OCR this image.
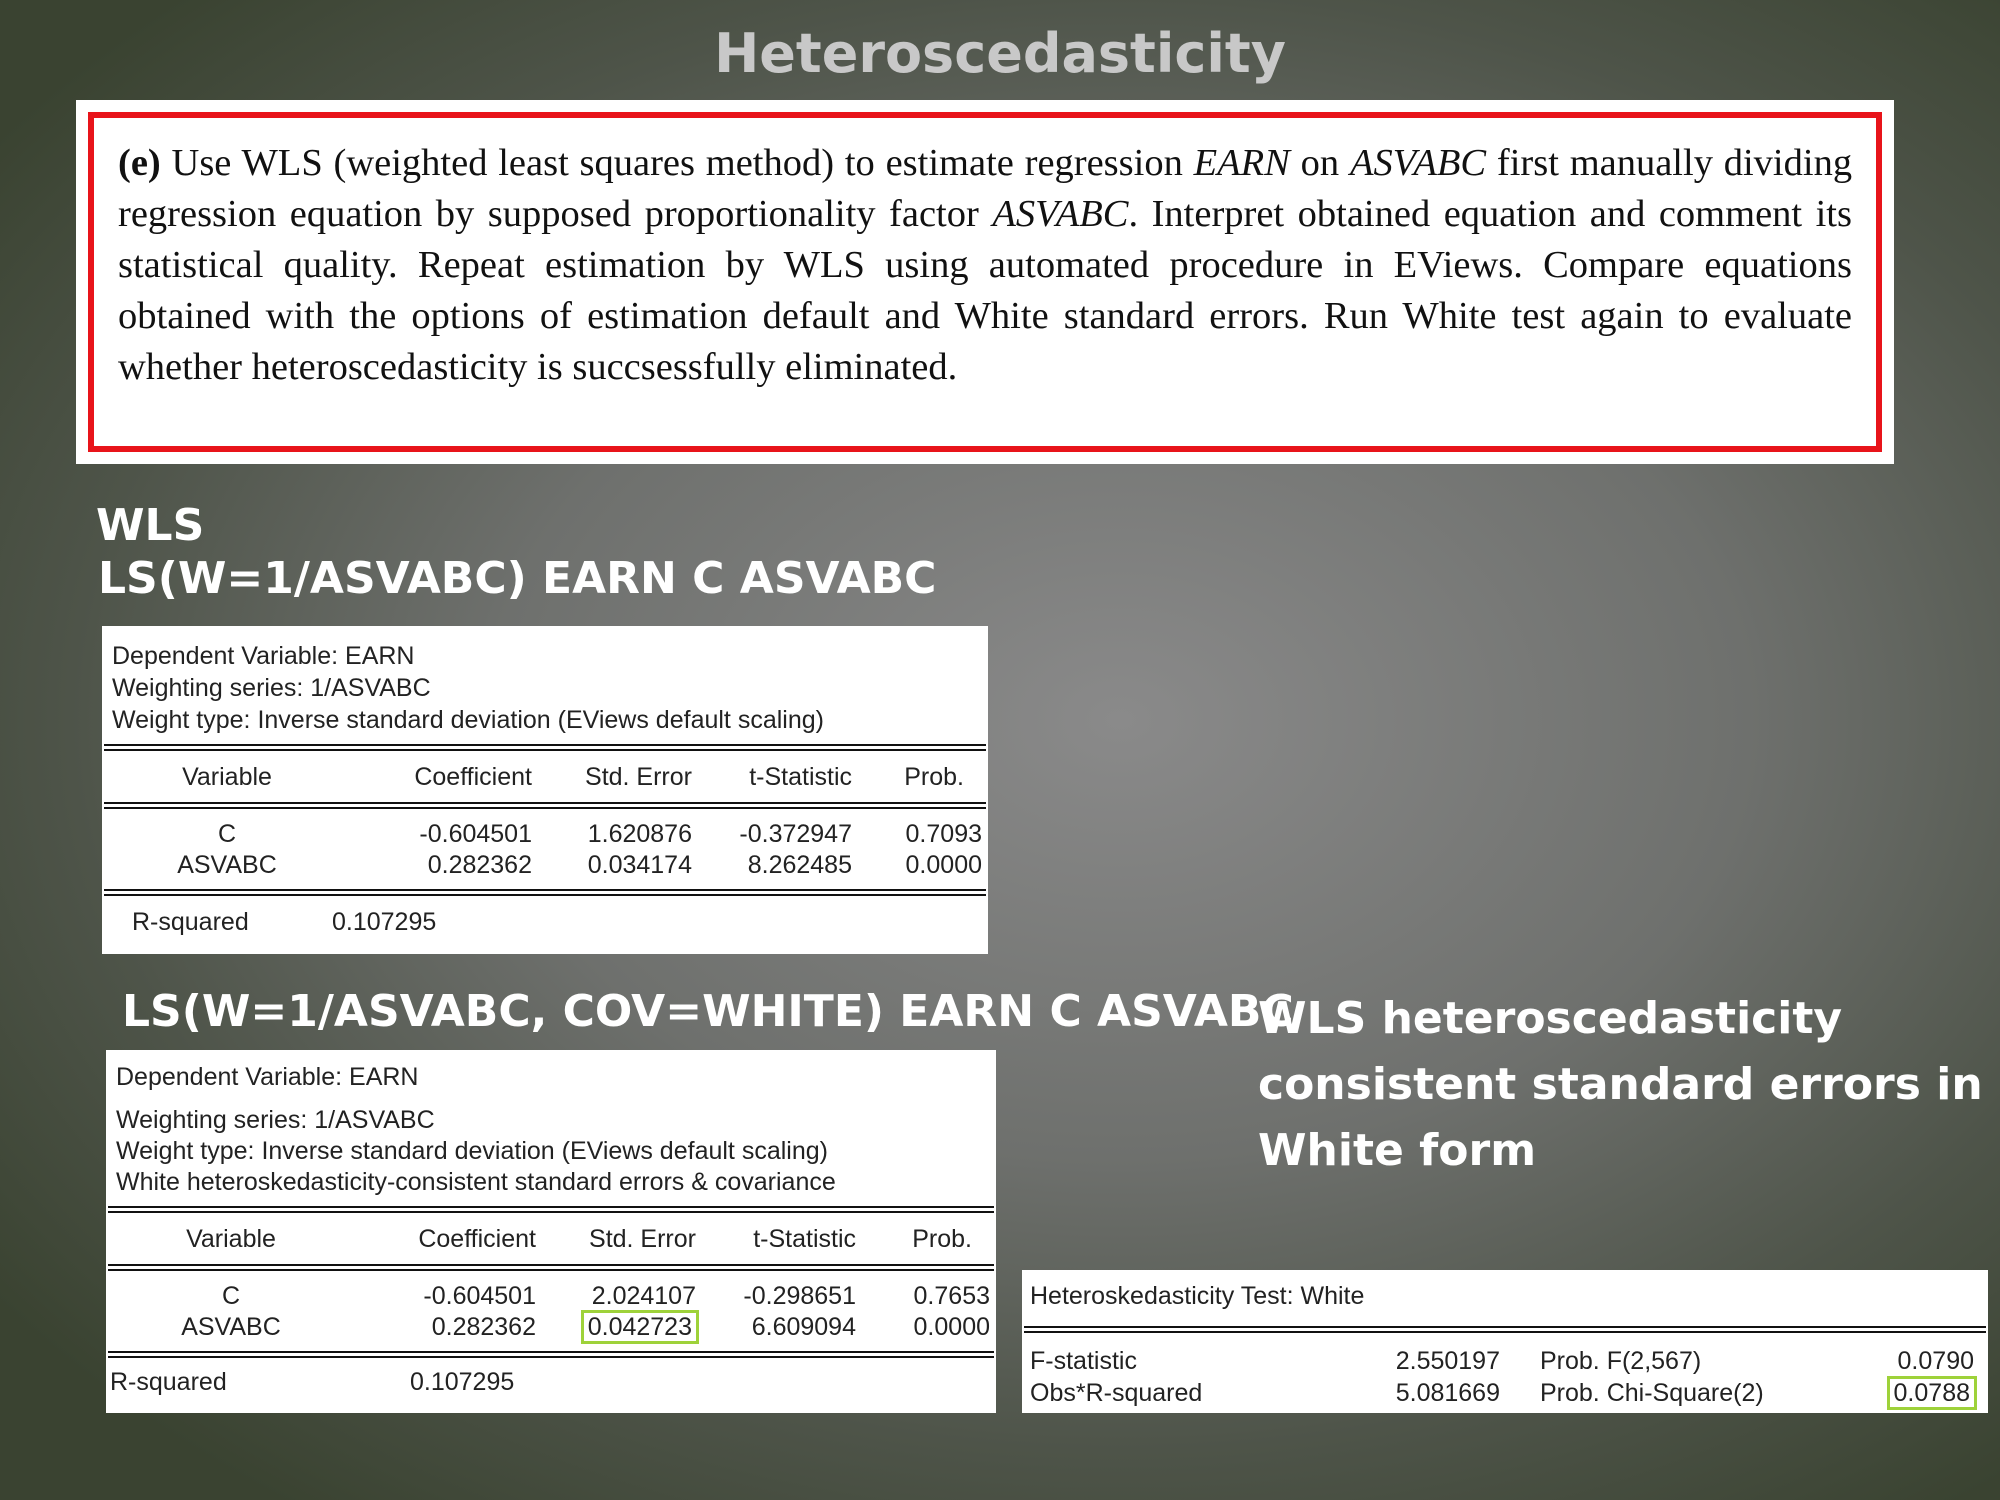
Heteroscedasticity

(e) Use WLS (weighted least squares method) to estimate regression EARN on ASVABC first manually dividing regression equation by supposed proportionality factor ASVABC. Interpret obtained equation and comment its statistical quality. Repeat estimation by WLS using automated procedure in EViews. Compare equations obtained with the options of estimation default and White standard errors. Run White test again to evaluate whether heteroscedasticity is succsessfully eliminated.

WLS
LS(W=1/ASVABC) EARN C ASVABC
Dependent Variable: EARN
Weighting series: 1/ASVABC
Weight type: Inverse standard deviation (EViews default scaling)
Variable	Coefficient	Std. Error	t-Statistic	Prob.
C	-0.604501	1.620876	-0.372947	0.7093
ASVABC	0.282362	0.034174	8.262485	0.0000
	R-squared	0.107295
LS(W=1/ASVABC, COV=WHITE) EARN C ASVABC
WLS heteroscedasticity
consistent standard errors in
White form
Dependent Variable: EARN
Weighting series: 1/ASVABC
Weight type: Inverse standard deviation (EViews default scaling)
White heteroskedasticity-consistent standard errors & covariance
Variable	Coefficient	Std. Error	t-Statistic	Prob.
C	-0.604501	2.024107	-0.298651	0.7653
ASVABC	0.282362	0.042723	6.609094	0.0000
	R-squared	0.107295
Heteroskedasticity Test: White
	F-statistic	2.550197		Prob. F(2,567)	0.0790
	Obs*R-squared	5.081669		Prob. Chi-Square(2)	0.0788
